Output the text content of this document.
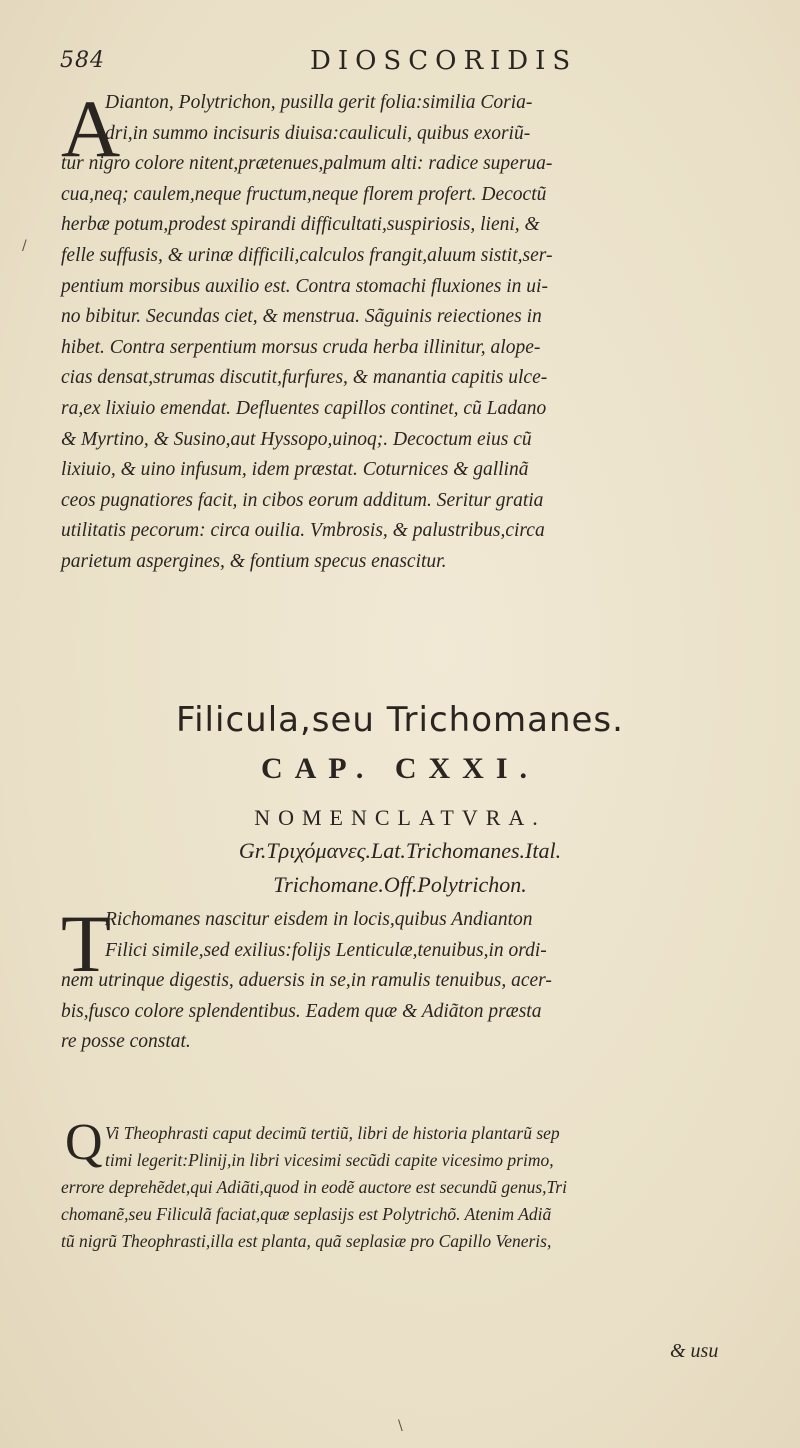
584	DIOSCORIDIS
A
Dianton, Polytrichon, pusilla gerit folia:similia Coria-
dri,in summo incisuris diuisa:cauliculi, quibus exoriũ-
tur nigro colore nitent,prætenues,palmum alti: radice superua-
cua,neq; caulem,neque fructum,neque florem profert. Decoctũ
herbæ potum,prodest spirandi difficultati,suspiriosis, lieni, &
felle suffusis, & urinæ difficili,calculos frangit,aluum sistit,ser-
pentium morsibus auxilio est. Contra stomachi fluxiones in ui-
no bibitur. Secundas ciet, & menstrua. Sãguinis reiectiones in
hibet. Contra serpentium morsus cruda herba illinitur, alope-
cias densat,strumas discutit,furfures, & manantia capitis ulce-
ra,ex lixiuio emendat. Defluentes capillos continet, cũ Ladano
& Myrtino, & Susino,aut Hyssopo,uinoq;. Decoctum eius cũ
lixiuio, & uino infusum, idem præstat. Coturnices & gallinã
ceos pugnatiores facit, in cibos eorum additum. Seritur gratia
utilitatis pecorum: circa ouilia. Vmbrosis, & palustribus,circa
parietum aspergines, & fontium specus enascitur.
Filicula,seu Trichomanes.
CAP. CXXI.
NOMENCLATVRA.
Gr.Τριχόμανες.Lat.Trichomanes.Ital.
Trichomane.Off.Polytrichon.
T
Richomanes nascitur eisdem in locis,quibus Andianton
Filici simile,sed exilius:folijs Lenticulæ,tenuibus,in ordi-
nem utrinque digestis, aduersis in se,in ramulis tenuibus, acer-
bis,fusco colore splendentibus. Eadem quæ & Adiãton præsta
re posse constat.
Q Vi Theophrasti caput decimũ tertiũ, libri de historia plantarũ sep
timi legerit:Plinij,in libri vicesimi secũdi capite vicesimo primo,
errore deprehẽdet,qui Adiãti,quod in eodẽ auctore est secundũ genus,Tri
chomanẽ,seu Filiculã faciat,quæ seplasijs est Polytrichõ. Atenim Adiã
tũ nigrũ Theophrasti,illa est planta, quã seplasiæ pro Capillo Veneris,
& usu
/
\
